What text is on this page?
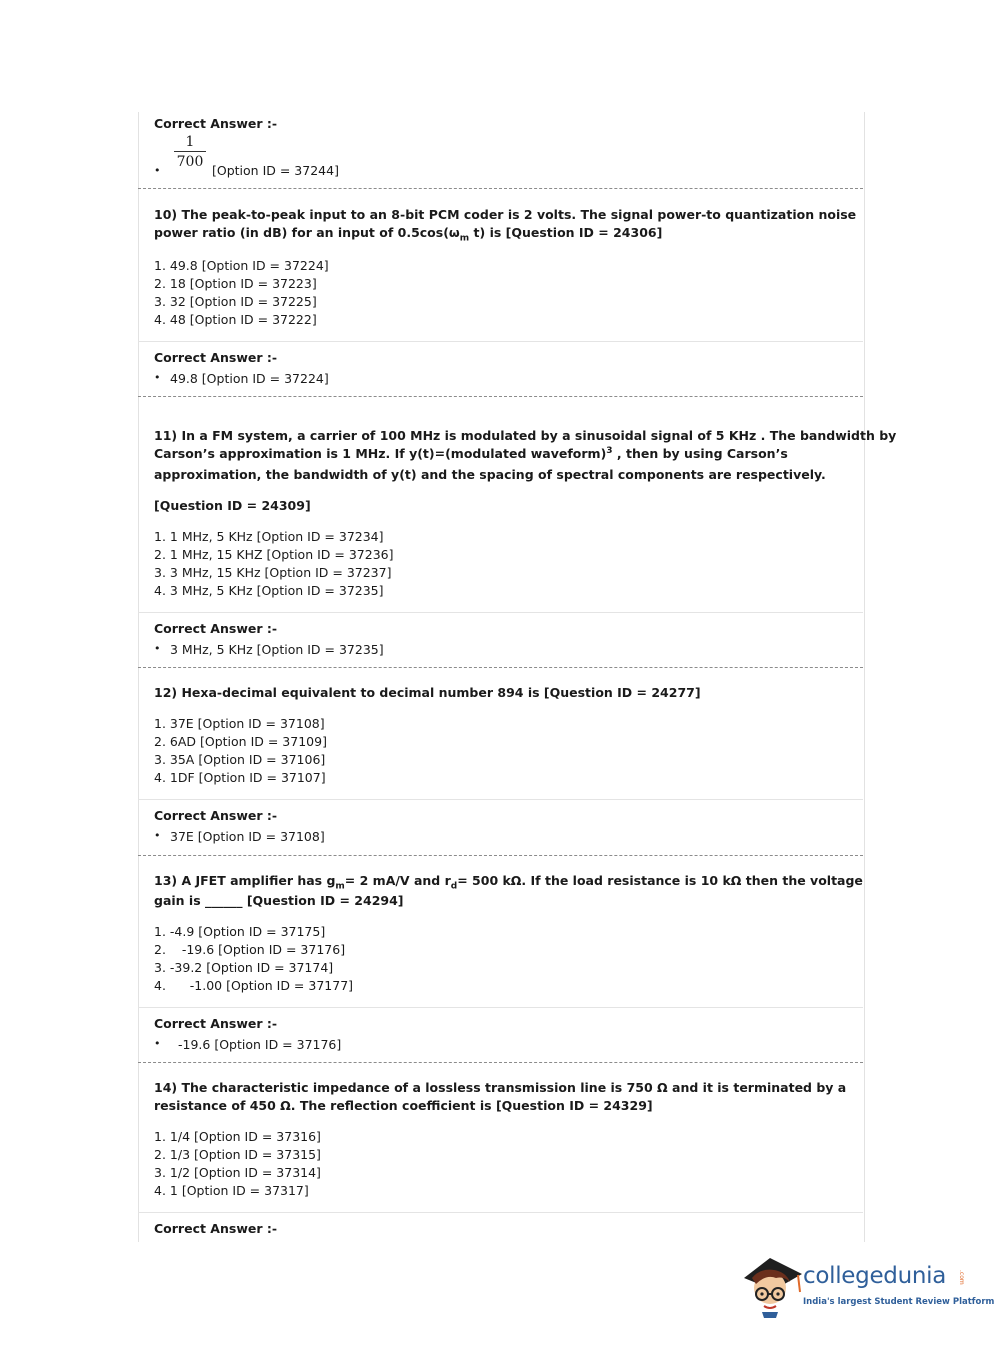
Correct Answer :-
1
700
•	[Option ID = 37244]
10) The peak-to-peak input to an 8-bit PCM coder is 2 volts. The signal power-to quantization noise
power ratio (in dB) for an input of $0.5\cos(\omega_m$ t) is [Question ID = 24306]
1. 49.8 [Option ID = 37224]
2. 18 [Option ID = 37223]
3. 32 [Option ID = 37225]
4. 48 [Option ID = 37222]
Correct Answer :-
• 49.8 [Option ID = 37224]
11) In a FM system, a carrier of 100 MHz is modulated by a sinusoidal signal of 5 KHz . The bandwidth by
Carson’s approximation is 1 MHz. If y(t)=(modulated waveform)$^3$ , then by using Carson’s
approximation, the bandwidth of y(t) and the spacing of spectral components are respectively.
[Question ID = 24309]
1. 1 MHz, 5 KHz [Option ID = 37234]
2. 1 MHz, 15 KHZ [Option ID = 37236]
3. 3 MHz, 15 KHz [Option ID = 37237]
4. 3 MHz, 5 KHz [Option ID = 37235]
Correct Answer :-
• 3 MHz, 5 KHz [Option ID = 37235]
12) Hexa-decimal equivalent to decimal number 894 is [Question ID = 24277]
1. 37E [Option ID = 37108]
2. 6AD [Option ID = 37109]
3. 35A [Option ID = 37106]
4. 1DF [Option ID = 37107]
Correct Answer :-
• 37E [Option ID = 37108]
13) A JFET amplifier has $g_m= 2$ mA/V and $r_d= 500$ kΩ. If the load resistance is 10 kΩ then the voltage
gain is ______ [Question ID = 24294]
1. -4.9 [Option ID = 37175]
2.    -19.6 [Option ID = 37176]
3. -39.2 [Option ID = 37174]
4.      -1.00 [Option ID = 37177]
Correct Answer :-
• -19.6 [Option ID = 37176]
14) The characteristic impedance of a lossless transmission line is 750 Ω and it is terminated by a
resistance of 450 Ω. The reflection coefficient is [Question ID = 24329]
1. 1/4 [Option ID = 37316]
2. 1/3 [Option ID = 37315]
3. 1/2 [Option ID = 37314]
4. 1 [Option ID = 37317]
Correct Answer :-
collegedunia .com
India's largest Student Review Platform
